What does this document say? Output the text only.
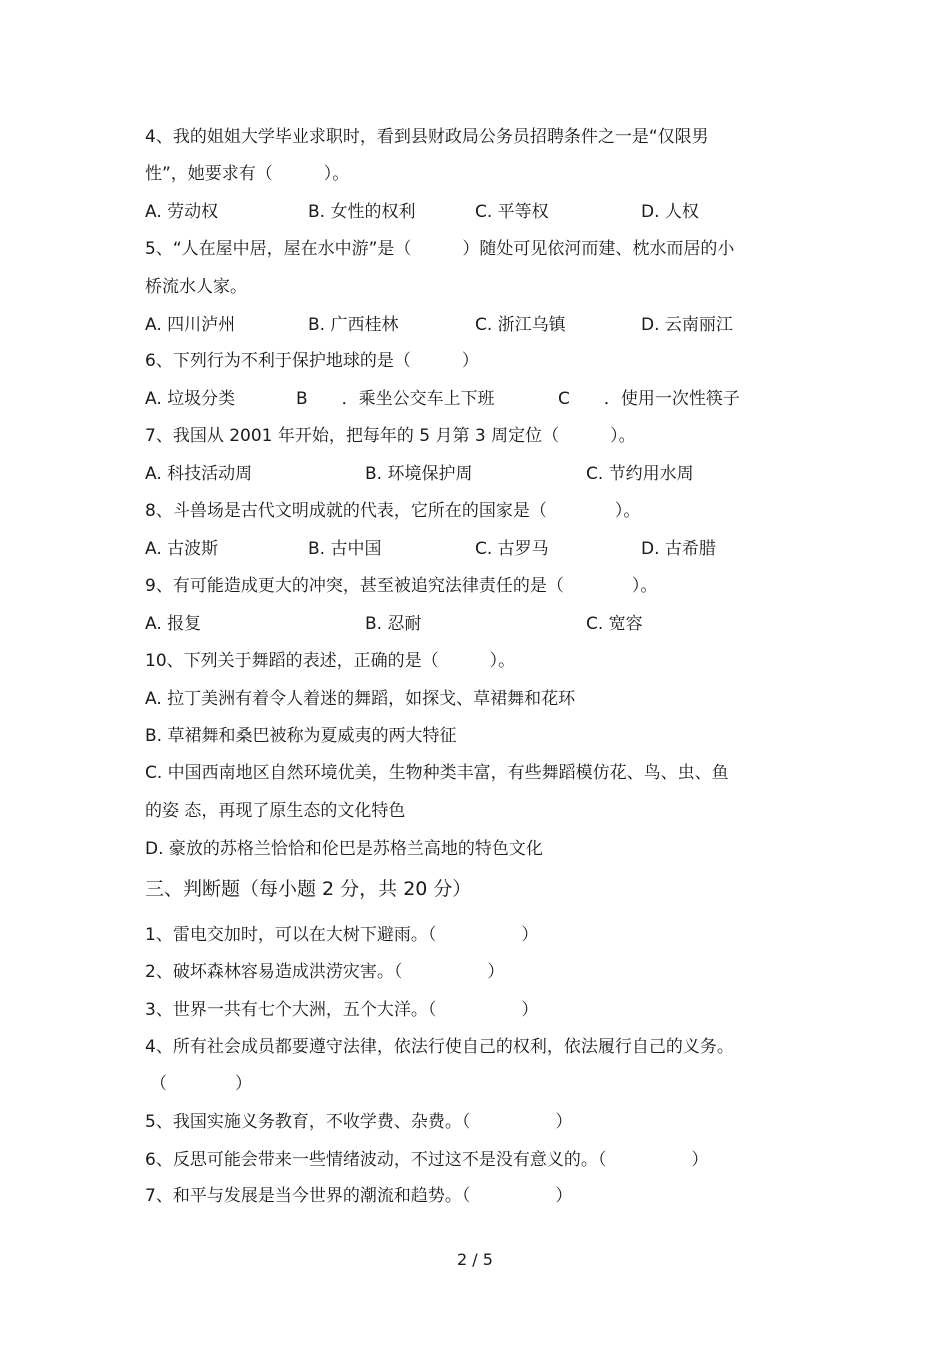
4、我的姐姐大学毕业求职时，看到县财政局公务员招聘条件之一是“仅限男
性”，她要求有（　　　）。
A. 劳动权	B. 女性的权利	C. 平等权	D. 人权
5、“人在屋中居，屋在水中游”是（　　　）随处可见依河而建、枕水而居的小
桥流水人家。
A. 四川泸州	B. 广西桂林	C. 浙江乌镇	D. 云南丽江
6、下列行为不利于保护地球的是（　　　）
A. 垃圾分类	B　　．乘坐公交车上下班	C　　．使用一次性筷子
7、我国从 2001 年开始，把每年的 5 月第 3 周定位（　　　）。
A. 科技活动周	B. 环境保护周	C. 节约用水周
8、斗兽场是古代文明成就的代表，它所在的国家是（　　　　）。
A. 古波斯	B. 古中国	C. 古罗马	D. 古希腊
9、有可能造成更大的冲突，甚至被追究法律责任的是（　　　　）。
A. 报复	B. 忍耐	C. 宽容
10、下列关于舞蹈的表述，正确的是（　　　）。
A. 拉丁美洲有着令人着迷的舞蹈，如探戈、草裙舞和花环
B. 草裙舞和桑巴被称为夏威夷的两大特征
C. 中国西南地区自然环境优美，生物种类丰富，有些舞蹈模仿花、鸟、虫、鱼
的姿 态，再现了原生态的文化特色
D. 豪放的苏格兰恰恰和伦巴是苏格兰高地的特色文化
三、判断题（每小题 2 分，共 20 分）
1、雷电交加时，可以在大树下避雨。（　　　　　）
2、破坏森林容易造成洪涝灾害。（　　　　　）
3、世界一共有七个大洲，五个大洋。（　　　　　）
4、所有社会成员都要遵守法律，依法行使自己的权利，依法履行自己的义务。
（　　　　）
5、我国实施义务教育，不收学费、杂费。（　　　　　）
6、反思可能会带来一些情绪波动，不过这不是没有意义的。（　　　　　）
7、和平与发展是当今世界的潮流和趋势。（　　　　　）
2 / 5
